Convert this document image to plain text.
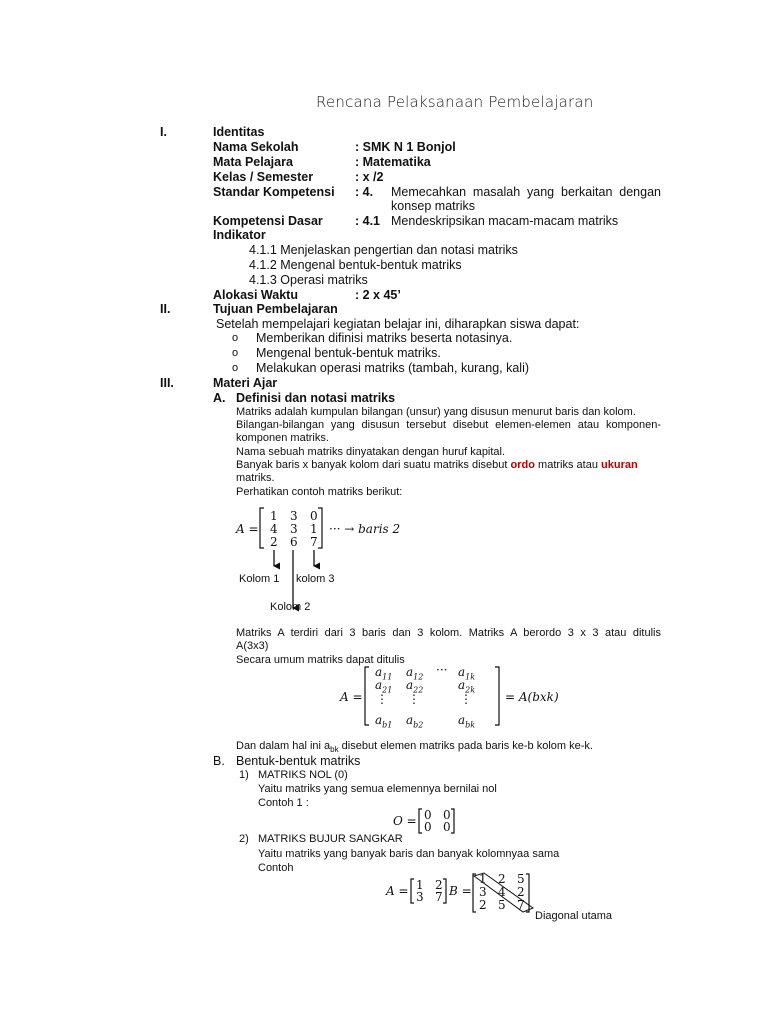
Rencana Pelaksanaan Pembelajaran
I.	Identitas
Nama Sekolah	: SMK N 1 Bonjol
Mata Pelajara	: Matematika
Kelas / Semester	: x /2
Standar Kompetensi : 4. Memecahkan masalah yang berkaitan dengan
konsep matriks
Kompetensi Dasar	: 4.1 Mendeskripsikan macam-macam matriks
Indikator
4.1.1 Menjelaskan pengertian dan notasi matriks
4.1.2 Mengenal bentuk-bentuk matriks
4.1.3 Operasi matriks
Alokasi Waktu	: 2 x 45’
II.	Tujuan Pembelajaran
Setelah mempelajari kegiatan belajar ini, diharapkan siswa dapat:
o Memberikan difinisi matriks beserta notasinya.
o Mengenal bentuk-bentuk matriks.
o Melakukan operasi matriks (tambah, kurang, kali)
III.	Materi Ajar
A. Definisi dan notasi matriks
Matriks adalah kumpulan bilangan (unsur) yang disusun menurut baris dan kolom.
Bilangan-bilangan yang disusun tersebut disebut elemen-elemen atau komponen-
komponen matriks.
Nama sebuah matriks dinyatakan dengan huruf kapital.
Banyak baris x banyak kolom dari suatu matriks disebut ordo matriks atau ukuran
matriks.
Perhatikan contoh matriks berikut:
A =
1 3 0
4 3 1
2 6 7
··· → baris 2
Kolom 1 kolom 3
Kolom 2
Matriks A terdiri dari 3 baris dan 3 kolom. Matriks A berordo 3 x 3 atau ditulis
A(3x3)
Secara umum matriks dapat ditulis
A =
$a_{11}$ $a_{12}$ ··· $a_{1k}$
$a_{21}$ $a_{22}$	$a_{2k}$
⋮ ⋮	⋮
$a_{b1}$ $a_{b2}$	$a_{bk}$
= A(bxk)
Dan dalam hal ini $a_{bk}$ disebut elemen matriks pada baris ke-b kolom ke-k.
B. Bentuk-bentuk matriks
1) MATRIKS NOL (0)
Yaitu matriks yang semua elemennya bernilai nol
Contoh 1 :
O = 0 0
0 0
2) MATRIKS BUJUR SANGKAR
Yaitu matriks yang banyak baris dan banyak kolomnyaa sama
Contoh
A = 1 2
3 7 B =
1 2 5
3 4 2
2 5 7
Diagonal utama
